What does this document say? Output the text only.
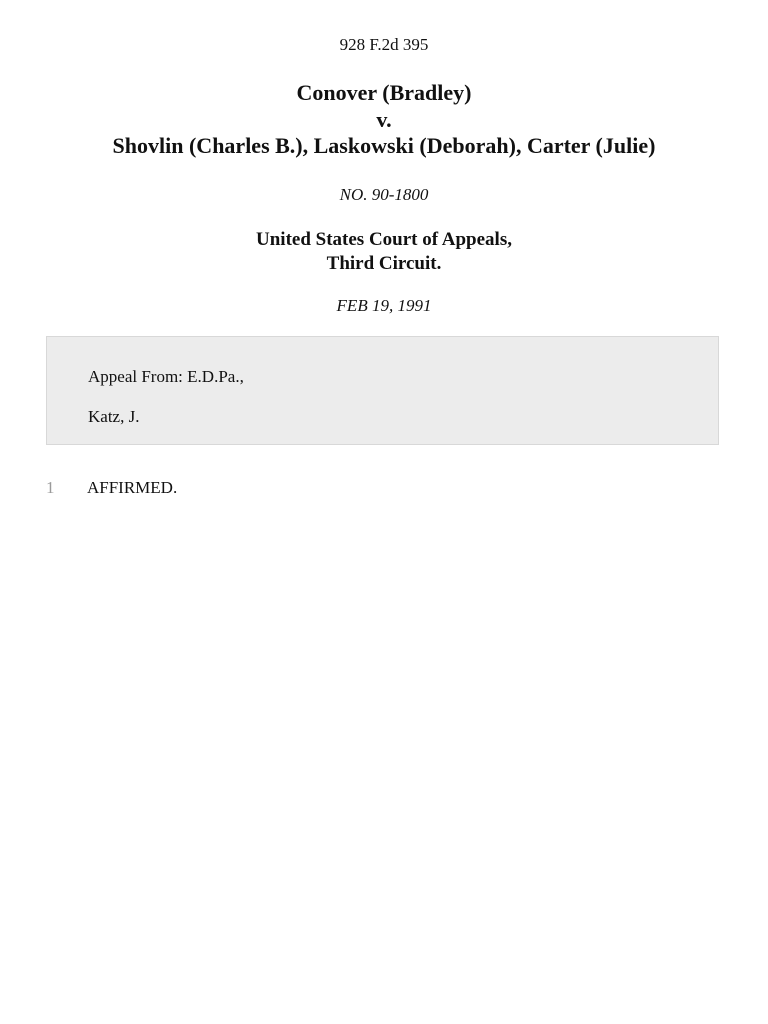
928 F.2d 395
Conover (Bradley)
v.
Shovlin (Charles B.), Laskowski (Deborah), Carter (Julie)
NO. 90-1800
United States Court of Appeals,
Third Circuit.
FEB 19, 1991
Appeal From: E.D.Pa.,
Katz, J.
1	AFFIRMED.
